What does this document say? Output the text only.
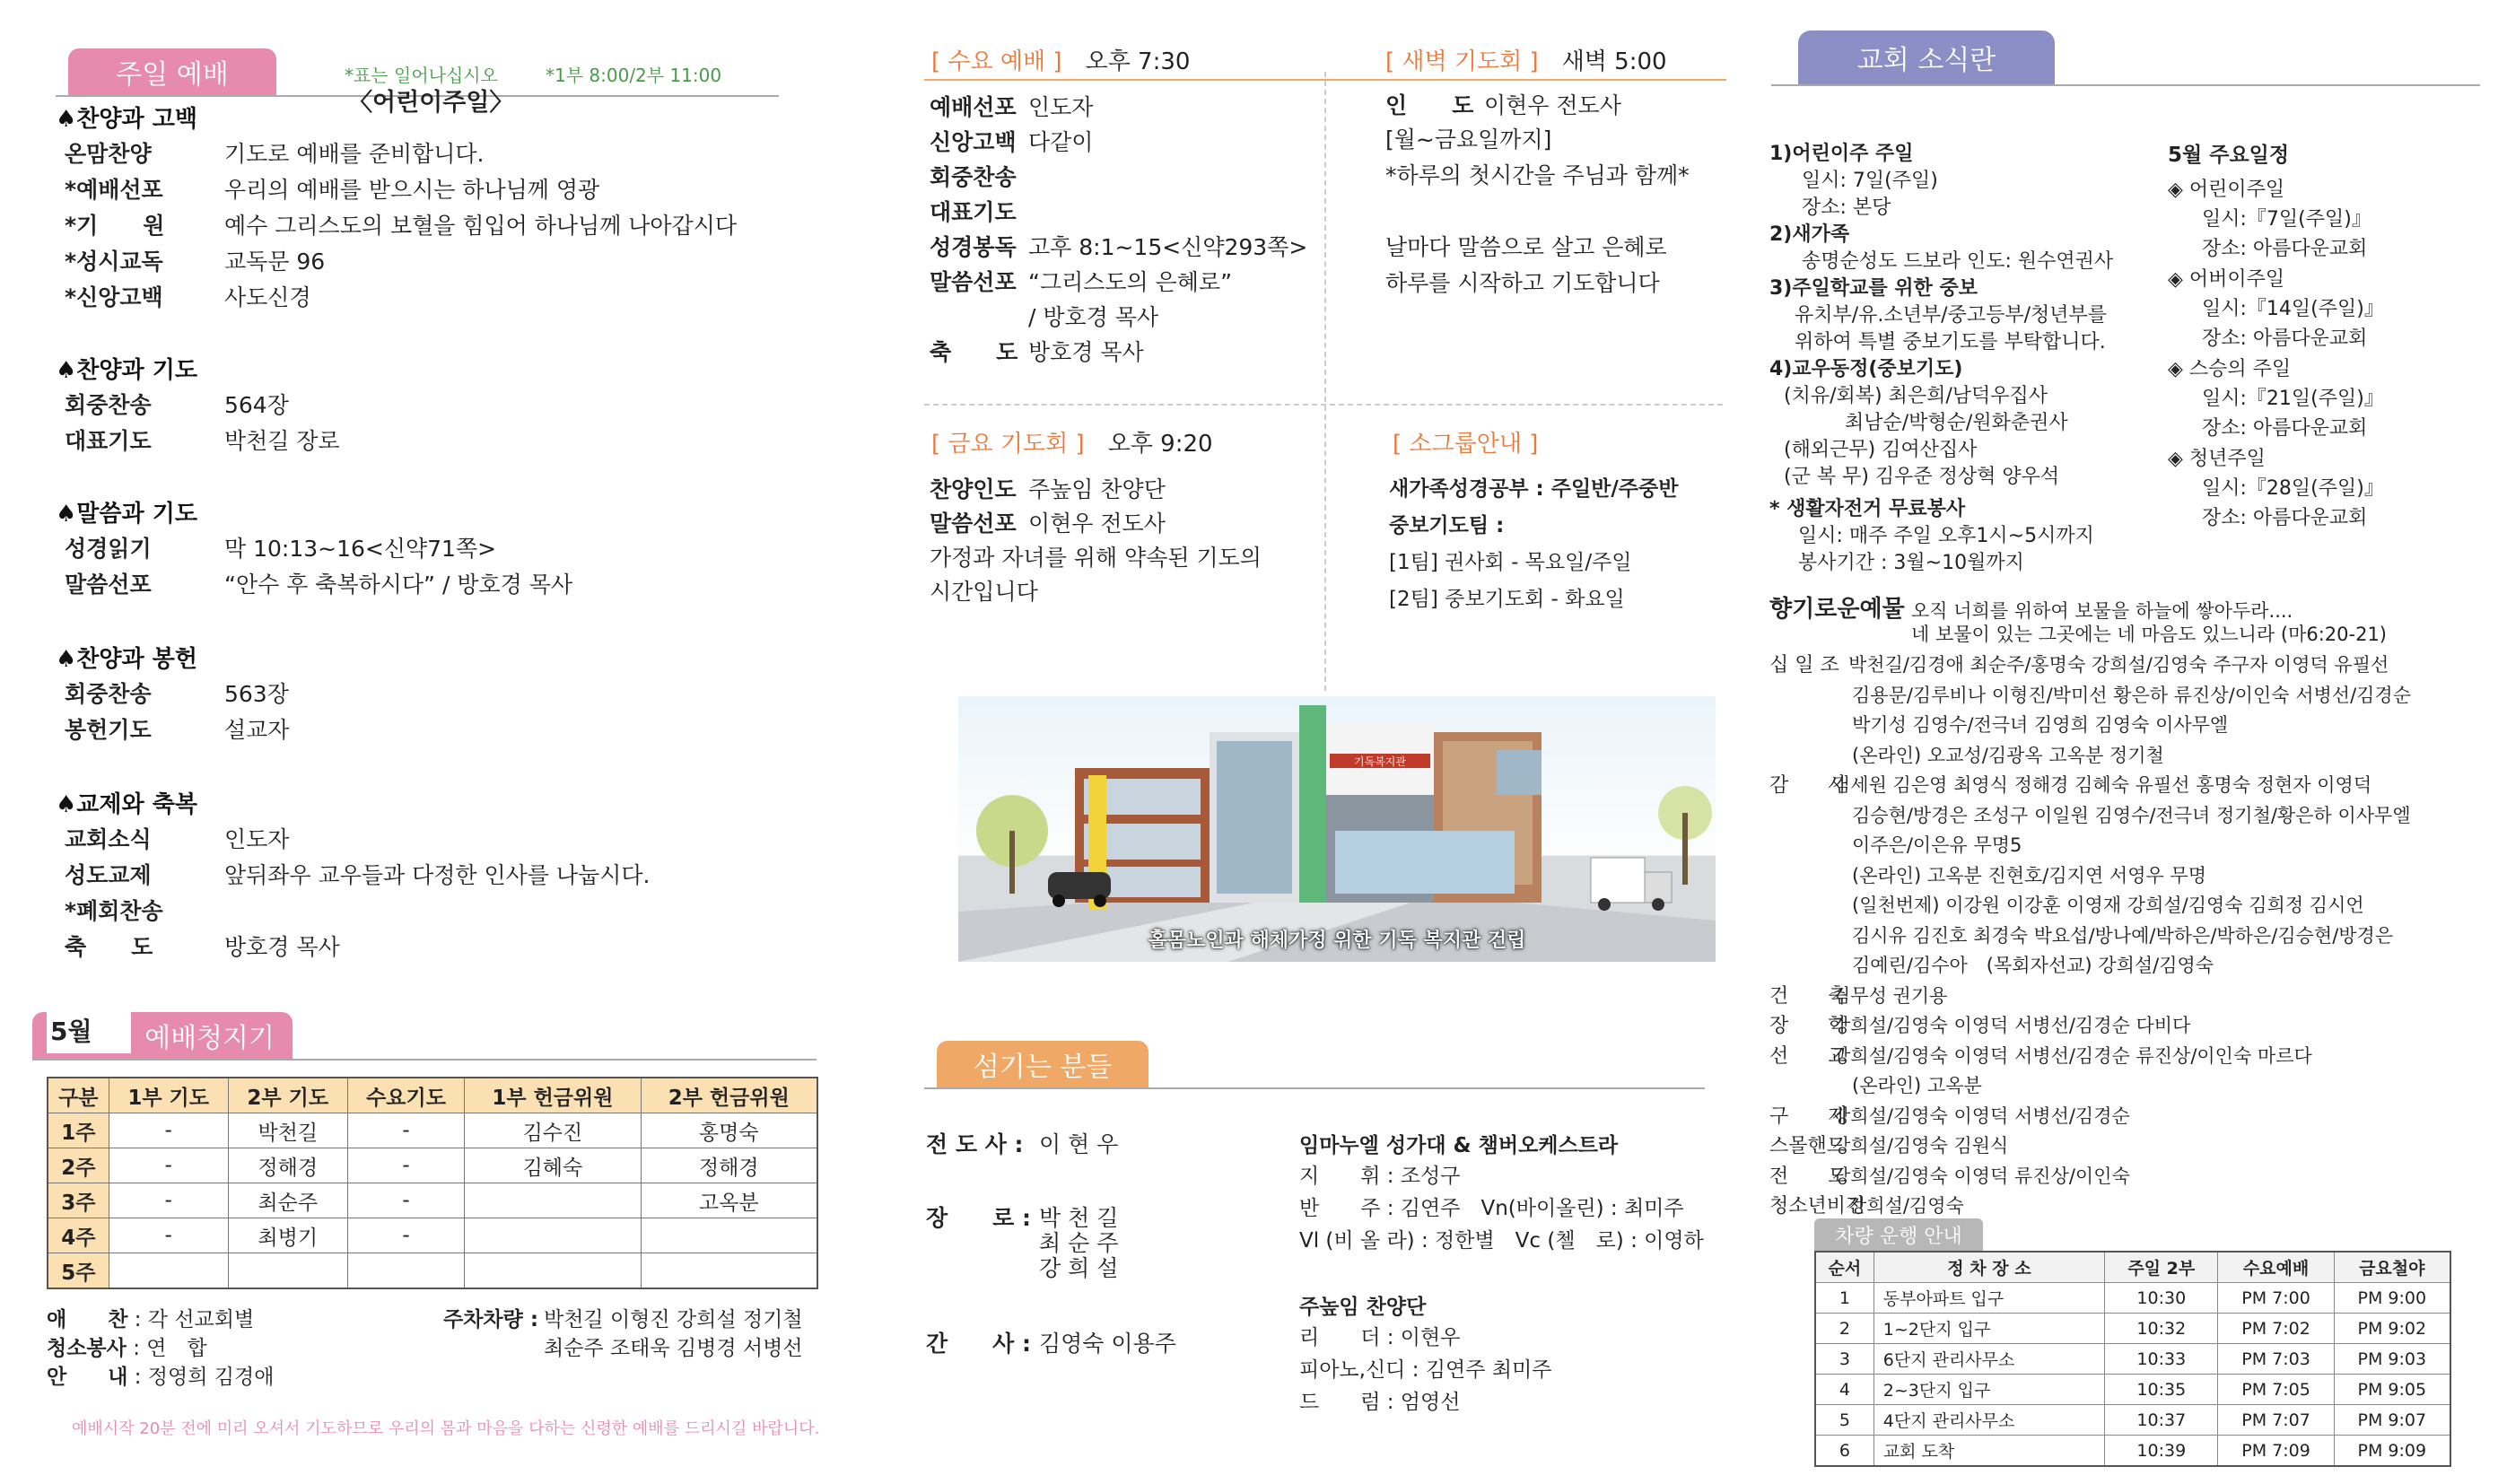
주일 예배	*표는 일어나십시오	*1부 8:00/2부 11:00
〈어린이주일〉
♠찬양과 고백
온맘찬양	기도로 예배를 준비합니다.
*예배선포	우리의 예배를 받으시는 하나님께 영광
*기　　원	예수 그리스도의 보혈을 힘입어 하나님께 나아갑시다
*성시교독	교독문 96
*신앙고백	사도신경
♠찬양과 기도
회중찬송	564장
대표기도	박천길 장로
♠말씀과 기도
성경읽기	막 10:13~16<신약71쪽>
말씀선포	“안수 후 축복하시다” / 방호경 목사
♠찬양과 봉헌
회중찬송	563장
봉헌기도	설교자
♠교제와 축복
교회소식	인도자
성도교제	앞뒤좌우 교우들과 다정한 인사를 나눕시다.
*폐회찬송
축　　도	방호경 목사
예배청지기
5월
구분	1부 기도	2부 기도	수요기도	1부 헌금위원	2부 헌금위원
1주	-	박천길	-	김수진	홍명숙
2주	-	정해경	-	김혜숙	정해경
3주	-	최순주	-		고옥분
4주	-	최병기	-		
5주					
애　　찬 : 각 선교회별
청소봉사 : 연　합
안　　내 : 정영희 김경애
주차차량 : 박천길 이형진 강희설 정기철
최순주 조태욱 김병경 서병선
예배시작 20분 전에 미리 오셔서 기도하므로 우리의 몸과 마음을 다하는 신령한 예배를 드리시길 바랍니다.
[ 수요 예배 ]　 오후 7:30	[ 새벽 기도회 ]　 새벽 5:00
예배선포 인도자
신앙고백 다같이
회중찬송
대표기도
성경봉독 고후 8:1~15<신약293쪽>
말씀선포 “그리스도의 은혜로”
/ 방호경 목사
축　　도 방호경 목사
인　　도 이현우 전도사
[월~금요일까지]
*하루의 첫시간을 주님과 함께*
날마다 말씀으로 살고 은혜로
하루를 시작하고 기도합니다
[ 금요 기도회 ]　 오후 9:20	[ 소그룹안내 ]
찬양인도 주높임 찬양단
말씀선포 이현우 전도사
가정과 자녀를 위해 약속된 기도의
시간입니다
새가족성경공부 : 주일반/주중반
중보기도팀 :
[1팀] 권사회 - 목요일/주일
[2팀] 중보기도회 - 화요일
기독복지관
홀몸노인과 해체가정 위한 기독 복지관 건립
섬기는 분들
전 도 사 : 이 현 우
장　　로 : 박 천 길
최 순 주
강 희 설
간　　사 : 김영숙 이용주
임마누엘 성가대 & 챔버오케스트라
지　　휘 : 조성구
반　　주 : 김연주　Vn(바이올린) : 최미주
Vl (비 올 라) : 정한별　Vc (첼　로) : 이영하
주높임 찬양단
리　　더 : 이현우
피아노,신디 : 김연주 최미주
드　　럼 : 엄영선
교회 소식란
1)어린이주 주일
일시: 7일(주일)
장소: 본당
2)새가족
송명순성도 드보라 인도: 원수연권사
3)주일학교를 위한 중보
유치부/유.소년부/중고등부/청년부를
위하여 특별 중보기도를 부탁합니다.
4)교우동정(중보기도)
(치유/회복) 최은희/남덕우집사
최남순/박형순/원화춘권사
(해외근무) 김여산집사
(군 복 무) 김우준 정상혁 양우석
* 생활자전거 무료봉사
일시: 매주 주일 오후1시~5시까지
봉사기간 : 3월~10월까지
5월 주요일정
◈ 어린이주일
일시:『7일(주일)』
장소: 아름다운교회
◈ 어버이주일
일시:『14일(주일)』
장소: 아름다운교회
◈ 스승의 주일
일시:『21일(주일)』
장소: 아름다운교회
◈ 청년주일
일시:『28일(주일)』
장소: 아름다운교회
향기로운예물 오직 너희를 위하여 보물을 하늘에 쌓아두라....
네 보물이 있는 그곳에는 네 마음도 있느니라 (마6:20-21)
십 일 조 박천길/김경애 최순주/홍명숙 강희설/김영숙 주구자 이영덕 유필선
김용문/김루비나 이형진/박미선 황은하 류진상/이인숙 서병선/김경순
박기성 김영수/전극녀 김영희 김영숙 이사무엘
(온라인) 오교성/김광옥 고옥분 정기철
감　　사
김세원 김은영 최영식 정해경 김혜숙 유필선 홍명숙 정현자 이영덕
김승현/방경은 조성구 이일원 김영수/전극녀 정기철/황은하 이사무엘
이주은/이은유 무명5
(온라인) 고옥분 진현호/김지연 서영우 무명
(일천번제) 이강원 이강훈 이영재 강희설/김영숙 김희정 김시언
김시유 김진호 최경숙 박요섭/방나예/박하은/박하은/김승현/방경은
김예린/김수아　(목회자선교) 강희설/김영숙
건　　축
김무성 권기용
장　　학
강희설/김영숙 이영덕 서병선/김경순 다비다
선　　교
강희설/김영숙 이영덕 서병선/김경순 류진상/이인숙 마르다
(온라인) 고옥분
구　　제
강희설/김영숙 이영덕 서병선/김경순
스몰핸드
강희설/김영숙 김원식
전　　도
강희설/김영숙 이영덕 류진상/이인숙
청소년비전
강희설/김영숙
차량 운행 안내
순서	정 차 장 소	주일 2부	수요예배	금요철야
1	동부아파트 입구	10:30	PM 7:00	PM 9:00
2	1~2단지 입구	10:32	PM 7:02	PM 9:02
3	6단지 관리사무소	10:33	PM 7:03	PM 9:03
4	2~3단지 입구	10:35	PM 7:05	PM 9:05
5	4단지 관리사무소	10:37	PM 7:07	PM 9:07
6	교회 도착	10:39	PM 7:09	PM 9:09
